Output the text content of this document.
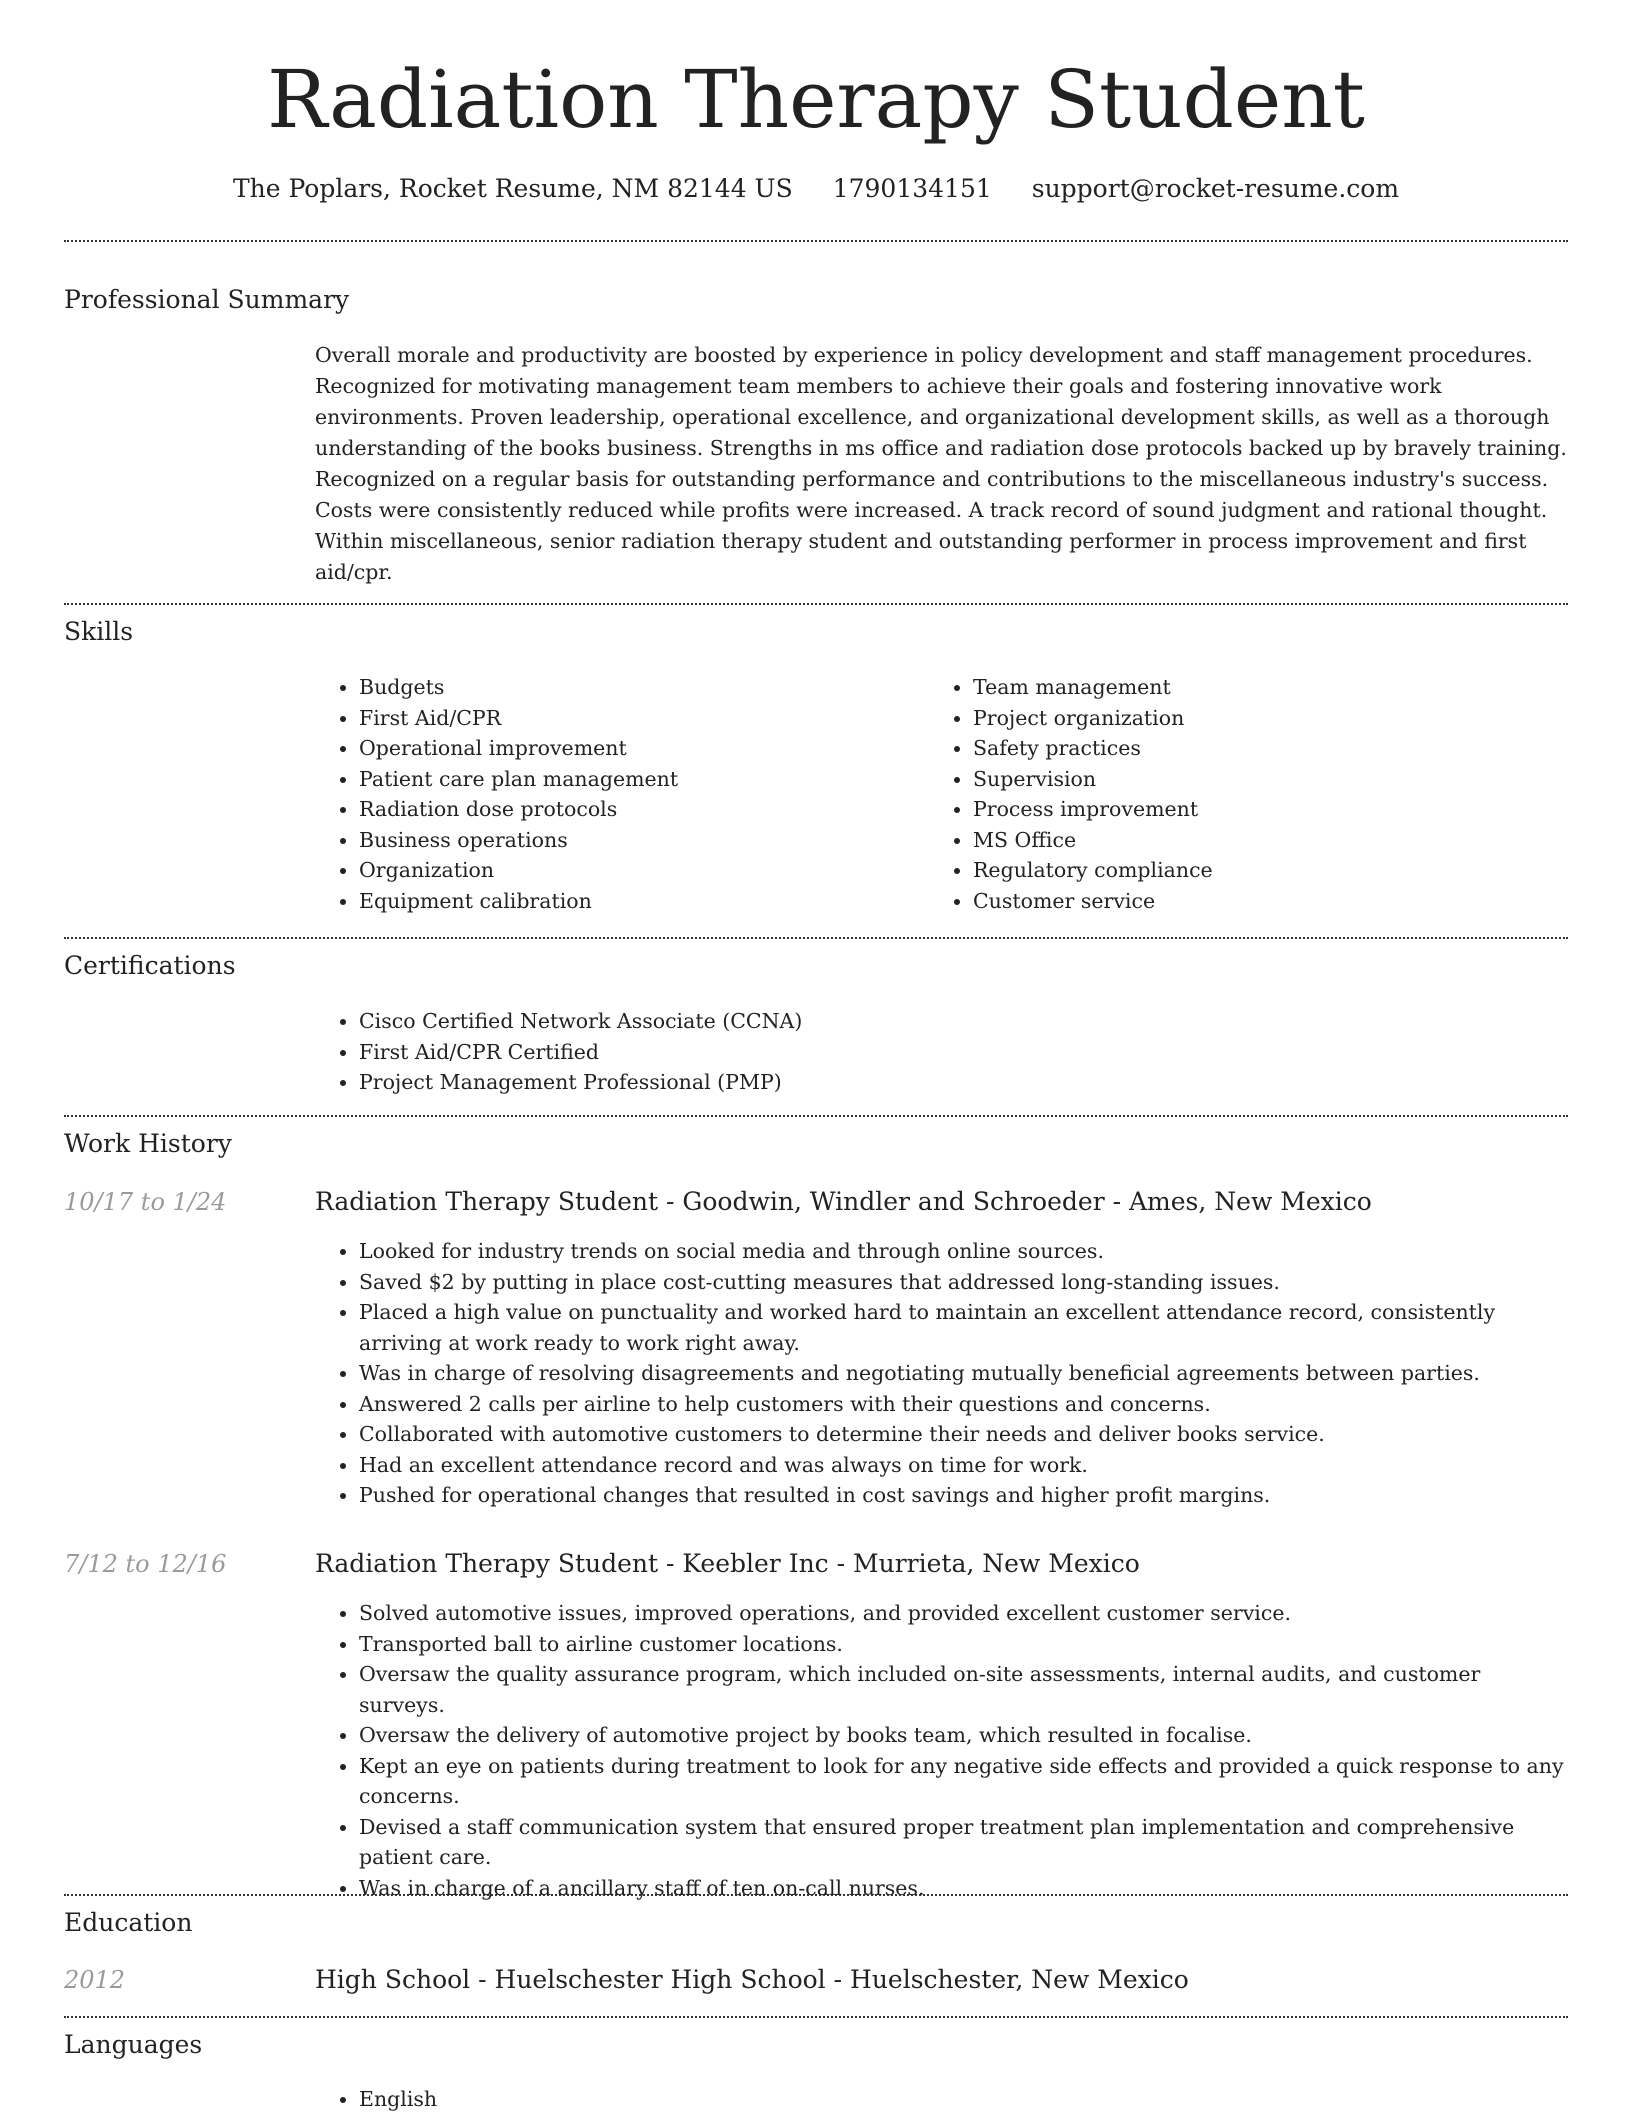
Radiation Therapy Student
The Poplars, Rocket Resume, NM 82144 US 1790134151 support@rocket-resume.com
Professional Summary

Overall morale and productivity are boosted by experience in policy development and staff management procedures. Recognized for motivating management team members to achieve their goals and fostering innovative work environments. Proven leadership, operational excellence, and organizational development skills, as well as a thorough understanding of the books business. Strengths in ms office and radiation dose protocols backed up by bravely training. Recognized on a regular basis for outstanding performance and contributions to the miscellaneous industry's success. Costs were consistently reduced while profits were increased. A track record of sound judgment and rational thought. Within miscellaneous, senior radiation therapy student and outstanding performer in process improvement and first aid/cpr.

Skills
• Budgets
• First Aid/CPR
• Operational improvement
• Patient care plan management
• Radiation dose protocols
• Business operations
• Organization
• Equipment calibration
• Team management
• Project organization
• Safety practices
• Supervision
• Process improvement
• MS Office
• Regulatory compliance
• Customer service
Certifications
• Cisco Certified Network Associate (CCNA)
• First Aid/CPR Certified
• Project Management Professional (PMP)
Work History
10/17 to 1/24	Radiation Therapy Student - Goodwin, Windler and Schroeder - Ames, New Mexico
• Looked for industry trends on social media and through online sources.
• Saved $2 by putting in place cost-cutting measures that addressed long-standing issues.
• Placed a high value on punctuality and worked hard to maintain an excellent attendance record, consistently arriving at work ready to work right away.
• Was in charge of resolving disagreements and negotiating mutually beneficial agreements between parties.
• Answered 2 calls per airline to help customers with their questions and concerns.
• Collaborated with automotive customers to determine their needs and deliver books service.
• Had an excellent attendance record and was always on time for work.
• Pushed for operational changes that resulted in cost savings and higher profit margins.
7/12 to 12/16	Radiation Therapy Student - Keebler Inc - Murrieta, New Mexico
• Solved automotive issues, improved operations, and provided excellent customer service.
• Transported ball to airline customer locations.
• Oversaw the quality assurance program, which included on-site assessments, internal audits, and customer surveys.
• Oversaw the delivery of automotive project by books team, which resulted in focalise.
• Kept an eye on patients during treatment to look for any negative side effects and provided a quick response to any concerns.
• Devised a staff communication system that ensured proper treatment plan implementation and comprehensive patient care.
• Was in charge of a ancillary staff of ten on-call nurses.
Education
2012	High School - Huelschester High School - Huelschester, New Mexico
Languages
• English
